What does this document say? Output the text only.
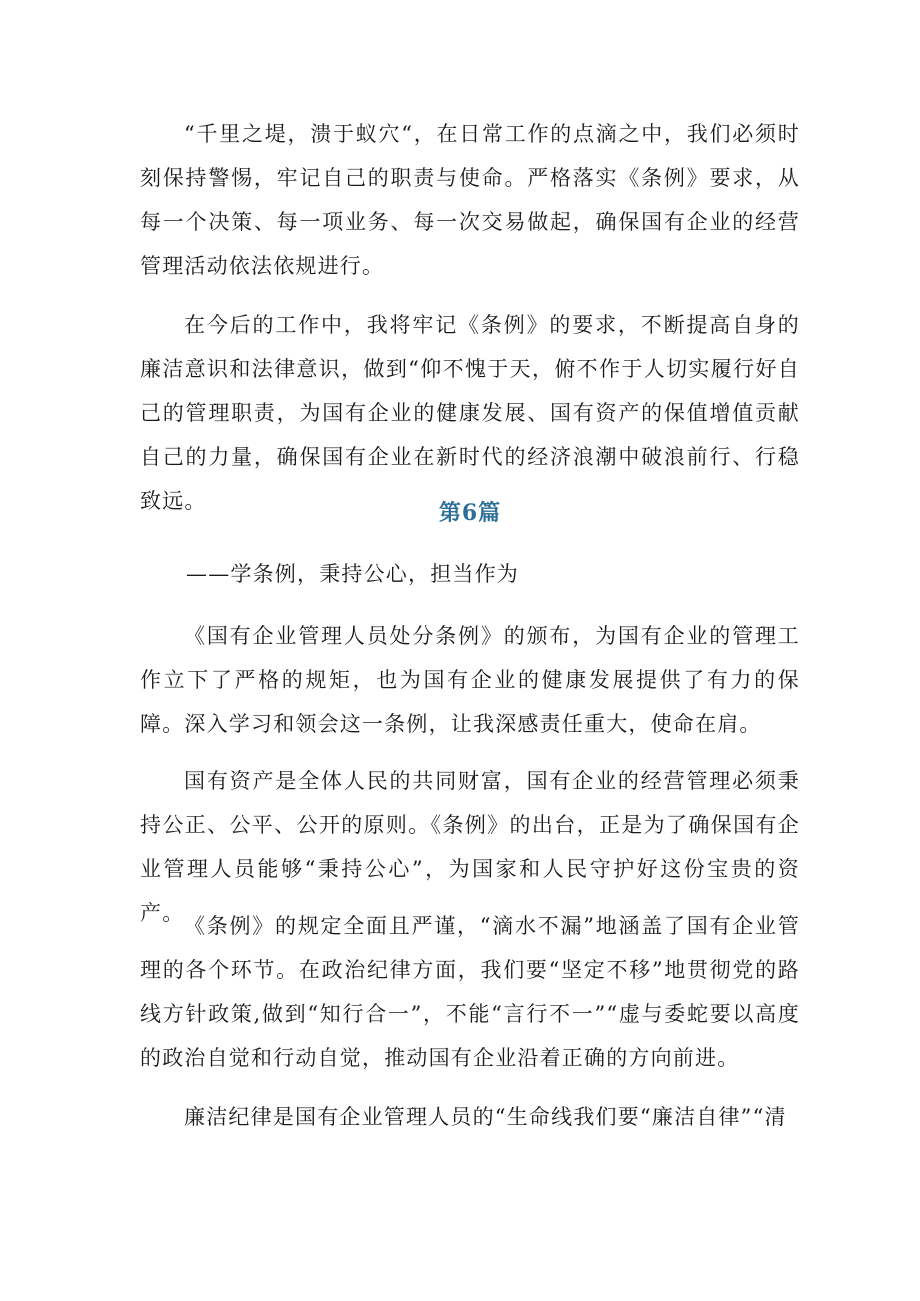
“千里之堤，溃于蚁穴“，在日常工作的点滴之中，我们必须时刻保持警惕，牢记自己的职责与使命。严格落实《条例》要求，从每一个决策、每一项业务、每一次交易做起，确保国有企业的经营管理活动依法依规进行。

在今后的工作中，我将牢记《条例》的要求，不断提高自身的廉洁意识和法律意识，做到“仰不愧于天，俯不作于人切实履行好自己的管理职责，为国有企业的健康发展、国有资产的保值增值贡献自己的力量，确保国有企业在新时代的经济浪潮中破浪前行、行稳致远。	第6篇

——学条例，秉持公心，担当作为

《国有企业管理人员处分条例》的颁布，为国有企业的管理工作立下了严格的规矩，也为国有企业的健康发展提供了有力的保障。深入学习和领会这一条例，让我深感责任重大，使命在肩。

国有资产是全体人民的共同财富，国有企业的经营管理必须秉持公正、公平、公开的原则。《条例》的出台，正是为了确保国有企业管理人员能够“秉持公心”，为国家和人民守护好这份宝贵的资产。

《条例》的规定全面且严谨，“滴水不漏”地涵盖了国有企业管理的各个环节。在政治纪律方面，我们要“坚定不移”地贯彻党的路线方针政策,做到“知行合一”，不能“言行不一”“虚与委蛇要以高度的政治自觉和行动自觉，推动国有企业沿着正确的方向前进。

廉洁纪律是国有企业管理人员的“生命线我们要“廉洁自律”“清
